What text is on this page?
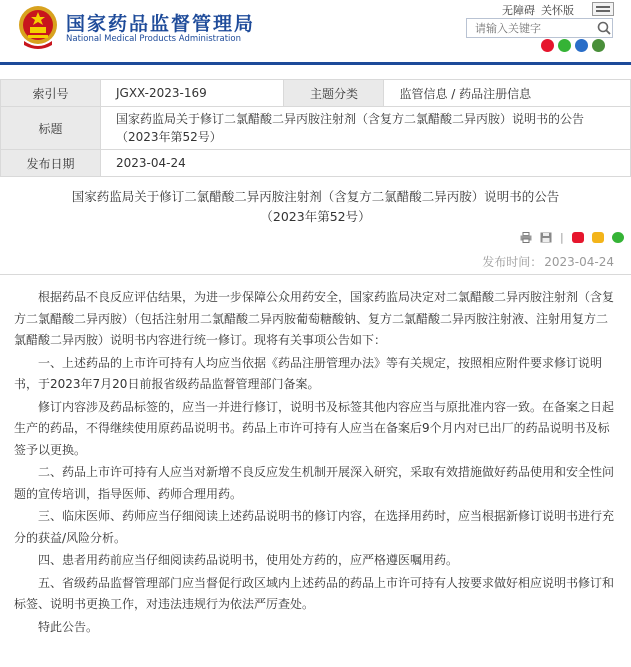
国家药品监督管理局
National Medical Products Administration
无障碍 关怀版
请输入关键字
索引号	JGXX-2023-169	主题分类	监管信息 / 药品注册信息
标题	国家药监局关于修订二氯醋酸二异丙胺注射剂（含复方二氯醋酸二异丙胺）说明书的公告（2023年第52号）		
发布日期	2023-04-24		
国家药监局关于修订二氯醋酸二异丙胺注射剂（含复方二氯醋酸二异丙胺）说明书的公告
（2023年第52号）
|
发布时间： 2023-04-24

根据药品不良反应评估结果，为进一步保障公众用药安全，国家药监局决定对二氯醋酸二异丙胺注射剂（含复方二氯醋酸二异丙胺）（包括注射用二氯醋酸二异丙胺葡萄糖酸钠、复方二氯醋酸二异丙胺注射液、注射用复方二氯醋酸二异丙胺）说明书内容进行统一修订。现将有关事项公告如下：

一、上述药品的上市许可持有人均应当依据《药品注册管理办法》等有关规定，按照相应附件要求修订说明书，于2023年7月20日前报省级药品监督管理部门备案。

修订内容涉及药品标签的，应当一并进行修订，说明书及标签其他内容应当与原批准内容一致。在备案之日起生产的药品，不得继续使用原药品说明书。药品上市许可持有人应当在备案后9个月内对已出厂的药品说明书及标签予以更换。

二、药品上市许可持有人应当对新增不良反应发生机制开展深入研究，采取有效措施做好药品使用和安全性问题的宣传培训，指导医师、药师合理用药。

三、临床医师、药师应当仔细阅读上述药品说明书的修订内容，在选择用药时，应当根据新修订说明书进行充分的获益/风险分析。

四、患者用药前应当仔细阅读药品说明书，使用处方药的，应严格遵医嘱用药。

五、省级药品监督管理部门应当督促行政区域内上述药品的药品上市许可持有人按要求做好相应说明书修订和标签、说明书更换工作，对违法违规行为依法严厉查处。

特此公告。
